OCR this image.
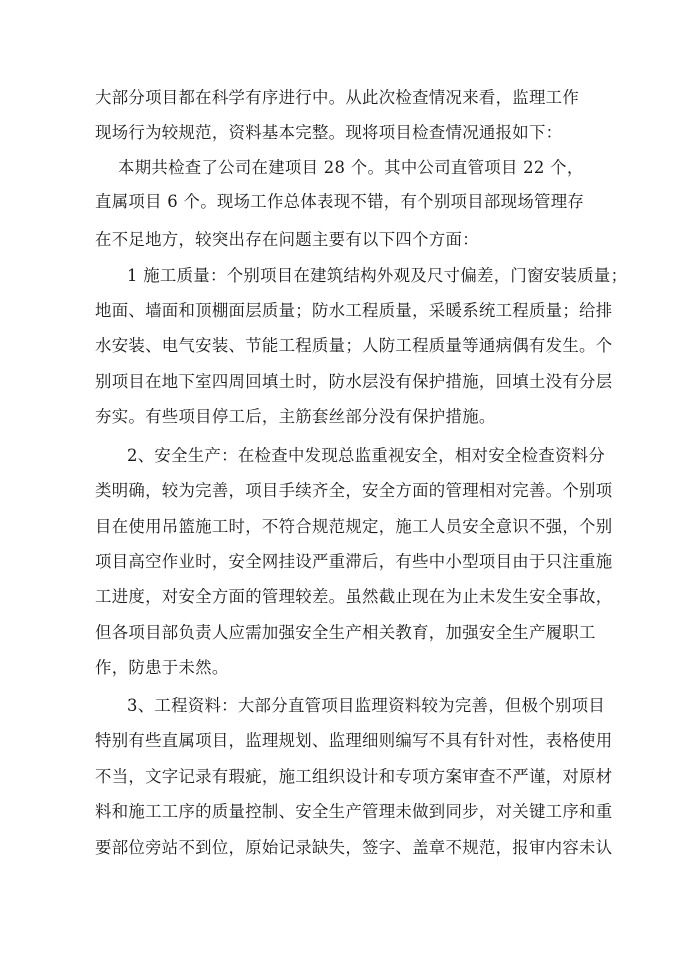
大部分项目都在科学有序进行中。从此次检查情况来看，监理工作
现场行为较规范，资料基本完整。现将项目检查情况通报如下：
本期共检查了公司在建项目 28 个。其中公司直管项目 22 个，
直属项目 6 个。现场工作总体表现不错，有个别项目部现场管理存
在不足地方，较突出存在问题主要有以下四个方面：
1 施工质量：个别项目在建筑结构外观及尺寸偏差，门窗安装质量；
地面、墙面和顶棚面层质量；防水工程质量，采暖系统工程质量；给排
水安装、电气安装、节能工程质量；人防工程质量等通病偶有发生。个
别项目在地下室四周回填土时，防水层没有保护措施，回填土没有分层
夯实。有些项目停工后，主筋套丝部分没有保护措施。
2、安全生产：在检查中发现总监重视安全，相对安全检查资料分
类明确，较为完善，项目手续齐全，安全方面的管理相对完善。个别项
目在使用吊篮施工时，不符合规范规定，施工人员安全意识不强，个别
项目高空作业时，安全网挂设严重滞后，有些中小型项目由于只注重施
工进度，对安全方面的管理较差。虽然截止现在为止未发生安全事故，
但各项目部负责人应需加强安全生产相关教育，加强安全生产履职工
作，防患于未然。
3、工程资料：大部分直管项目监理资料较为完善，但极个别项目
特别有些直属项目，监理规划、监理细则编写不具有针对性，表格使用
不当，文字记录有瑕疵，施工组织设计和专项方案审查不严谨，对原材
料和施工工序的质量控制、安全生产管理未做到同步，对关键工序和重
要部位旁站不到位，原始记录缺失，签字、盖章不规范，报审内容未认
